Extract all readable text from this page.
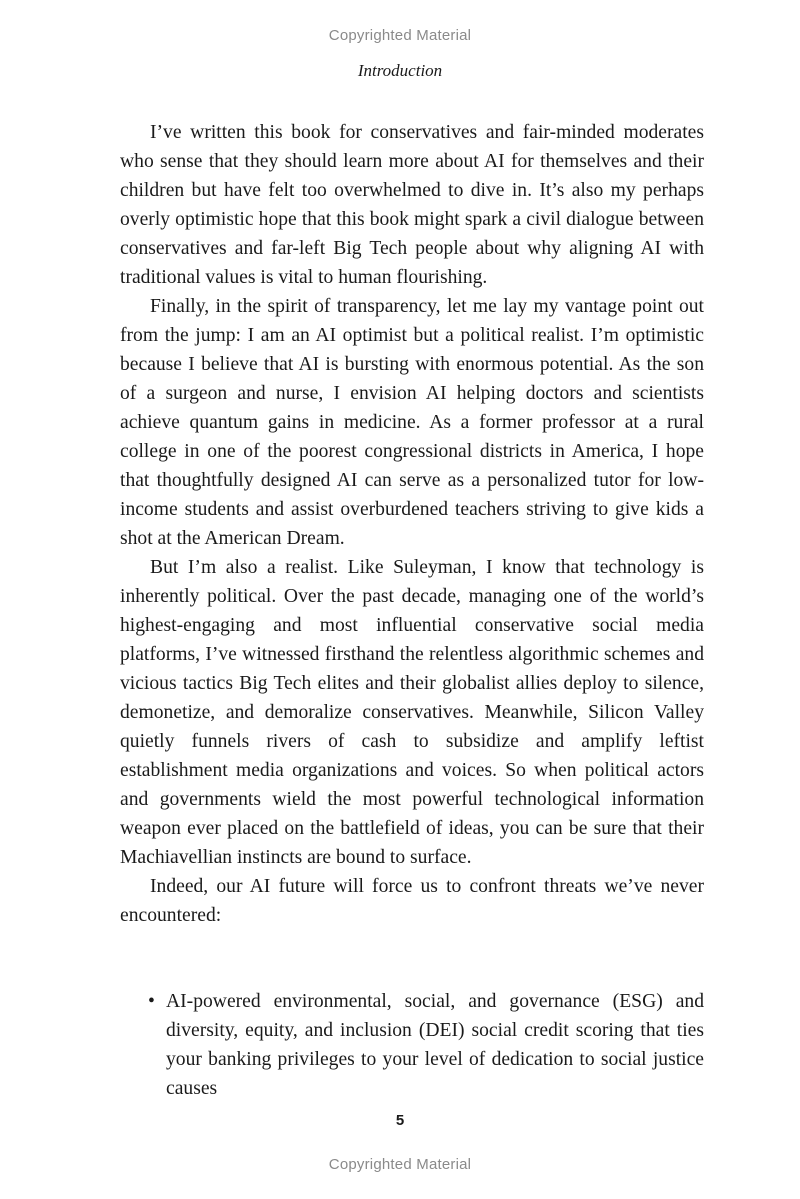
Copyrighted Material
Introduction

I’ve written this book for conservatives and fair-minded moderates who sense that they should learn more about AI for themselves and their children but have felt too overwhelmed to dive in. It’s also my perhaps overly optimistic hope that this book might spark a civil dialogue between conservatives and far-left Big Tech people about why aligning AI with traditional values is vital to human flourishing.

Finally, in the spirit of transparency, let me lay my vantage point out from the jump: I am an AI optimist but a political realist. I’m optimistic because I believe that AI is bursting with enormous potential. As the son of a surgeon and nurse, I envision AI helping doctors and scientists achieve quantum gains in medicine. As a former professor at a rural college in one of the poorest congressional districts in America, I hope that thoughtfully designed AI can serve as a personalized tutor for low-income students and assist overburdened teachers striving to give kids a shot at the American Dream.

But I’m also a realist. Like Suleyman, I know that technology is inherently political. Over the past decade, managing one of the world’s highest-engaging and most influential conservative social media platforms, I’ve witnessed firsthand the relentless algorithmic schemes and vicious tactics Big Tech elites and their globalist allies deploy to silence, demonetize, and demoralize conservatives. Meanwhile, Silicon Valley quietly funnels rivers of cash to subsidize and amplify leftist establishment media organizations and voices. So when political actors and governments wield the most powerful technological information weapon ever placed on the battlefield of ideas, you can be sure that their Machiavellian instincts are bound to surface.

Indeed, our AI future will force us to confront threats we’ve never encountered:

• AI-powered environmental, social, and governance (ESG) and diversity, equity, and inclusion (DEI) social credit scoring that ties your banking privileges to your level of dedication to social justice causes
5
Copyrighted Material
